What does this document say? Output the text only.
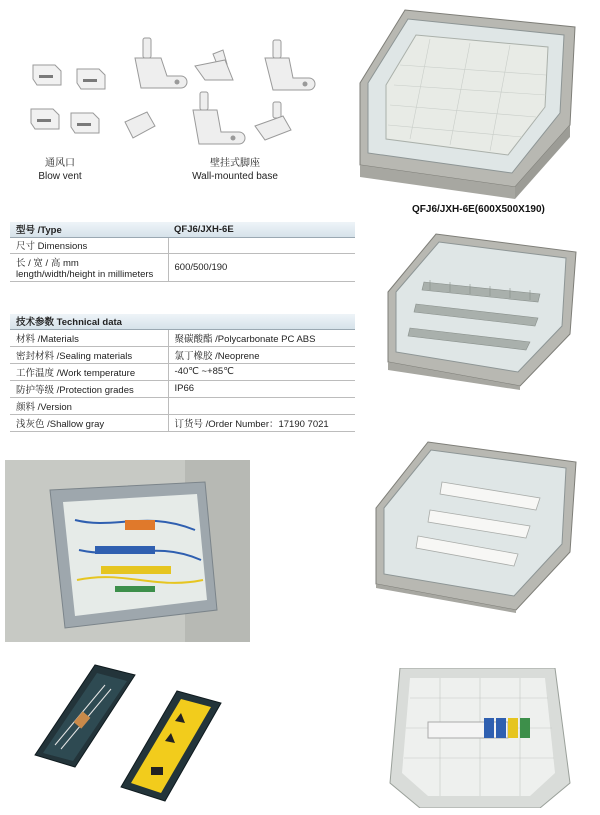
通风口
Blow vent
壁挂式脚座
Wall-mounted base
QFJ6/JXH-6E(600X500X190)
型号 /Type	QFJ6/JXH-6E
尺寸 Dimensions	

长 / 宽 / 高 mm
length/width/height in millimeters	600/500/190
技术参数 Technical data	
材料 /Materials	聚碳酸酯 /Polycarbonate PC ABS
密封材料 /Sealing materials	氯丁橡胶 /Neoprene
工作温度 /Work temperature	-40℃ ~+85℃
防护等级 /Protection grades	IP66
颜料 /Version	
浅灰色 /Shallow gray	订货号 /Order Number：17190 7021
